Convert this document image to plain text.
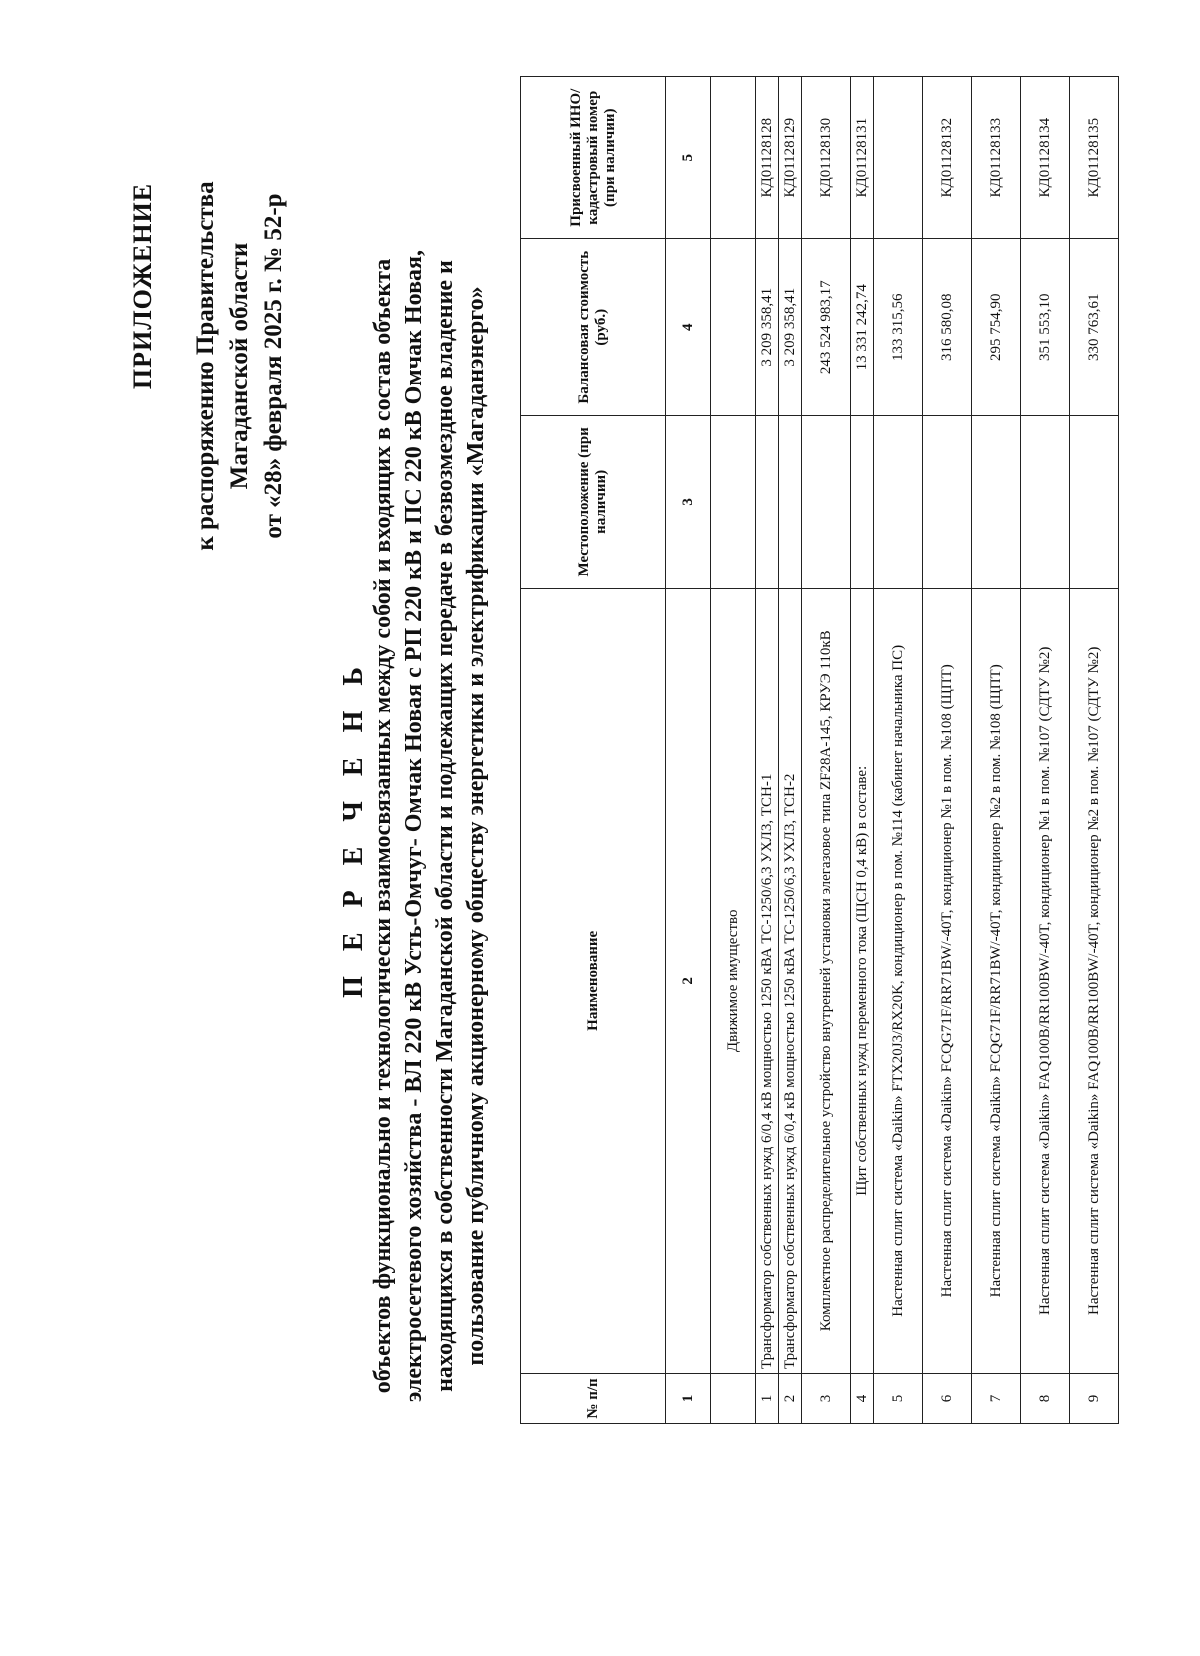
ПРИЛОЖЕНИЕ к распоряжению Правительства Магаданской области от «28» февраля 2025 г. № 52-р
П Е Р Е Ч Е Н Ь объектов функционально и технологически взаимосвязанных между собой и входящих в состав объекта электросетевого хозяйства - ВЛ 220 кВ Усть-Омчуг- Омчак Новая с РП 220 кВ и ПС 220 кВ Омчак Новая, находящихся в собственности Магаданской области и подлежащих передаче в безвозмездное владение и пользование публичному акционерному обществу энергетики и электрификации «Магаданэнерго»
№ п/п	Наименование	Местоположение (при наличии)	Балансовая стоимость (руб.)	Присвоенный ИНО/ кадастровый номер (при наличии)
1	2	3	4	5
	Движимое имущество			
1	Трансформатор собственных нужд 6/0,4 кВ мощностью 1250 кВА ТС-1250/6,3 УХЛ3, ТСН-1		3 209 358,41	КД01128128
2	Трансформатор собственных нужд 6/0,4 кВ мощностью 1250 кВА ТС-1250/6,3 УХЛ3, ТСН-2		3 209 358,41	КД01128129
3	Комплектное распределительное устройство внутренней установки элегазовое типа ZF28A-145, КРУЭ 110кВ		243 524 983,17	КД01128130
4	Щит собственных нужд переменного тока (ЩСН 0,4 кВ) в составе:		13 331 242,74	КД01128131
5	Настенная сплит система «Daikin» FTX20J3/RX20K, кондиционер в пом. №114 (кабинет начальника ПС)		133 315,56	
6	Настенная сплит система «Daikin» FCQG71F/RR71BW/-40T, кондиционер №1 в пом. №108 (ЩПТ)		316 580,08	КД01128132
7	Настенная сплит система «Daikin» FCQG71F/RR71BW/-40T, кондиционер №2 в пом. №108 (ЩПТ)		295 754,90	КД01128133
8	Настенная сплит система «Daikin» FAQ100B/RR100BW/-40T, кондиционер №1 в пом. №107 (СДТУ №2)		351 553,10	КД01128134
9	Настенная сплит система «Daikin» FAQ100B/RR100BW/-40T, кондиционер №2 в пом. №107 (СДТУ №2)		330 763,61	КД01128135
